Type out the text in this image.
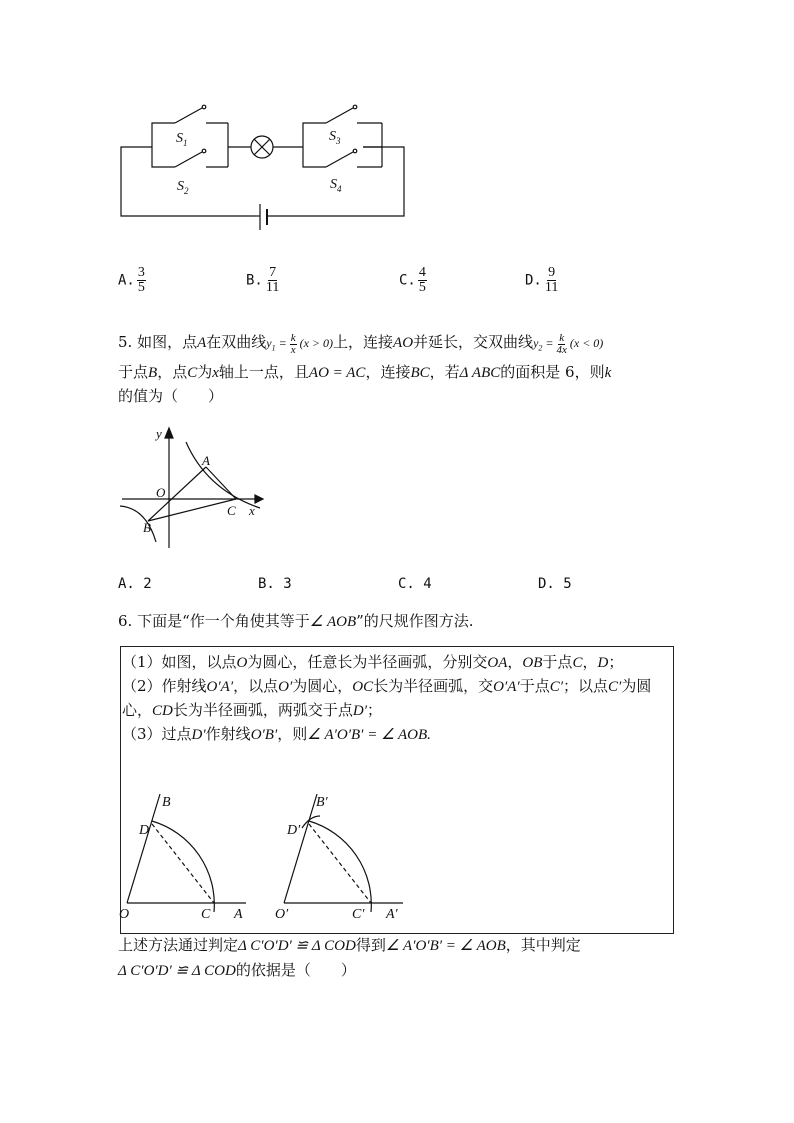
$S_1$
$S_2$
$S_3$
$S_4$
A. $\frac{3}{5}$	B. $\frac{7}{11}$	C. $\frac{4}{5}$	D. $\frac{9}{11}$
5. 如图，点A在双曲线$y_1 = \frac{k}{x} (x > 0)$上，连接AO并延长，交双曲线$y_2 = \frac{k}{4x} (x < 0)$
于点B，点C为x轴上一点，且AO = AC，连接BC，若Δ ABC的面积是 6，则k
的值为（　　）
y
x
O
A
B
C
A. 2	B. 3	C. 4	D. 5
6. 下面是“作一个角使其等于∠ AOB”的尺规作图方法.
（1）如图，以点O为圆心，任意长为半径画弧，分别交OA，OB于点C，D；
（2）作射线O′A′，以点O′为圆心，OC长为半径画弧，交O′A′于点C′；以点C′为圆
心，CD长为半径画弧，两弧交于点D′；
（3）过点D′作射线O′B′，则∠ A′O′B′ = ∠ AOB.
B
D
O	C A
B′
D′
O′	C′ A′
上述方法通过判定Δ C′O′D′ ≌ Δ COD得到∠ A′O′B′ = ∠ AOB，其中判定
Δ C′O′D′ ≌ Δ COD的依据是（　　）
